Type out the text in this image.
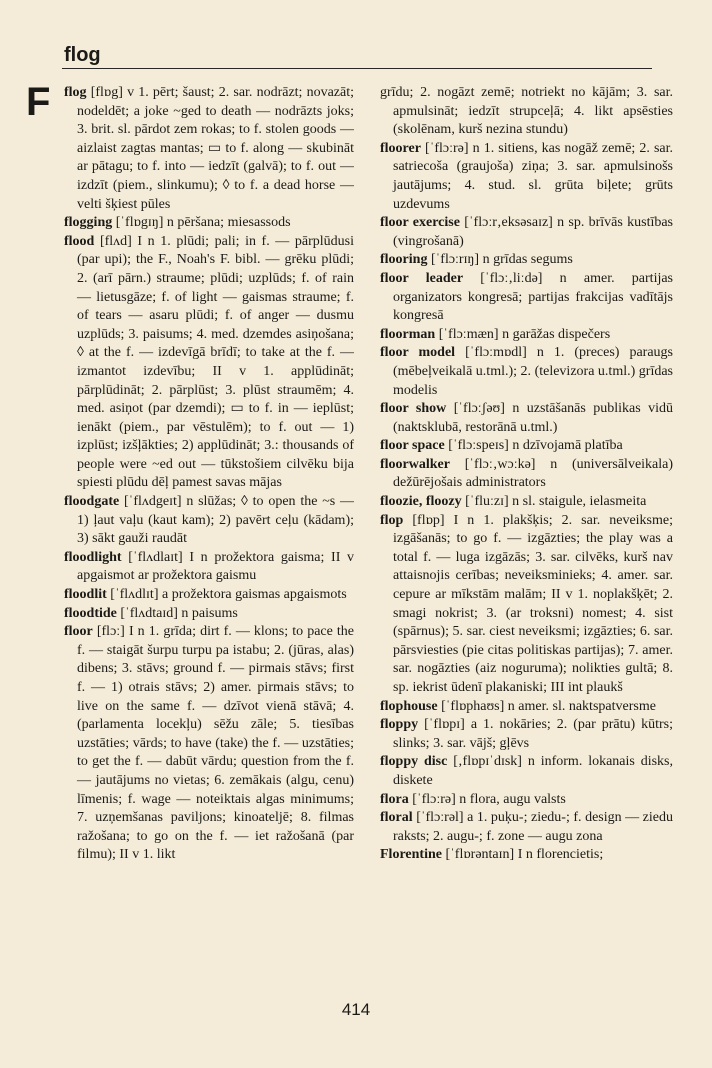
flog
F flog [flɒg] v 1. pērt; šaust; 2. sar. nodrāzt; novazāt; nodeldēt; a joke ~ged to death — nodrāzts joks; 3. brit. sl. pārdot zem rokas; to f. stolen goods — aizlaist zagtas mantas; ▭ to f. along — skubināt ar pātagu; to f. into — iedzīt (galvā); to f. out — izdzīt (piem., slinkumu); ◊ to f. a dead horse — velti šķiest pūles

flogging [ˈflɒgɪŋ] n pēršana; miesassods

flood [flʌd] I n 1. plūdi; pali; in f. — pārplūdusi (par upi); the F., Noah's F. bibl. — grēku plūdi; 2. (arī pārn.) straume; plūdi; uzplūds; f. of rain — lietusgāze; f. of light — gaismas straume; f. of tears — asaru plūdi; f. of anger — dusmu uzplūds; 3. paisums; 4. med. dzemdes asiņošana; ◊ at the f. — izdevīgā brīdī; to take at the f. — izmantot izdevību; II v 1. applūdināt; pārplūdināt; 2. pārplūst; 3. plūst straumēm; 4. med. asiņot (par dzemdi); ▭ to f. in — ieplūst; ienākt (piem., par vēstulēm); to f. out — 1) izplūst; izšļākties; 2) applūdināt; 3.: thousands of people were ~ed out — tūkstošiem cilvēku bija spiesti plūdu dēļ pamest savas mājas

floodgate [ˈflʌdgeɪt] n slūžas; ◊ to open the ~s — 1) ļaut vaļu (kaut kam); 2) pavērt ceļu (kādam); 3) sākt gauži raudāt

floodlight [ˈflʌdlaɪt] I n prožektora gaisma; II v apgaismot ar prožektora gaismu

floodlit [ˈflʌdlɪt] a prožektora gaismas apgaismots

floodtide [ˈflʌdtaɪd] n paisums

floor [flɔː] I n 1. grīda; dirt f. — klons; to pace the f. — staigāt šurpu turpu pa istabu; 2. (jūras, alas) dibens; 3. stāvs; ground f. — pirmais stāvs; first f. — 1) otrais stāvs; 2) amer. pirmais stāvs; to live on the same f. — dzīvot vienā stāvā; 4. (parlamenta locekļu) sēžu zāle; 5. tiesības uzstāties; vārds; to have (take) the f. — uzstāties; to get the f. — dabūt vārdu; question from the f. — jautājums no vietas; 6. zemākais (algu, cenu) līmenis; f. wage — noteiktais algas minimums; 7. uzņemšanas paviljons; kinoateljē; 8. filmas ražošana; to go on the f. — iet ražošanā (par filmu); II v 1. likt

grīdu; 2. nogāzt zemē; notriekt no kājām; 3. sar. apmulsināt; iedzīt strupceļā; 4. likt apsēsties (skolēnam, kurš nezina stundu)

floorer [ˈflɔːrə] n 1. sitiens, kas nogāž zemē; 2. sar. satriecoša (graujoša) ziņa; 3. sar. apmulsinošs jautājums; 4. stud. sl. grūta biļete; grūts uzdevums

floor exercise [ˈflɔːr‚eksəsaɪz] n sp. brīvās kustības (vingrošanā)

flooring [ˈflɔːrɪŋ] n grīdas segums

floor leader [ˈflɔː‚liːdə] n amer. partijas organizators kongresā; partijas frakcijas vadītājs kongresā

floorman [ˈflɔːmæn] n garāžas dispečers

floor model [ˈflɔːmɒdl] n 1. (preces) paraugs (mēbeļveikalā u.tml.); 2. (televizora u.tml.) grīdas modelis

floor show [ˈflɔːʃəʊ] n uzstāšanās publikas vidū (naktsklubā, restorānā u.tml.)

floor space [ˈflɔːspeɪs] n dzīvojamā platība

floorwalker [ˈflɔː‚wɔːkə] n (universālveikala) dežūrējošais administrators

floozie, floozy [ˈfluːzɪ] n sl. staigule, ielasmeita

flop [flɒp] I n 1. plakšķis; 2. sar. neveiksme; izgāšanās; to go f. — izgāzties; the play was a total f. — luga izgāzās; 3. sar. cilvēks, kurš nav attaisnojis cerības; neveiksminieks; 4. amer. sar. cepure ar mīkstām malām; II v 1. noplakšķēt; 2. smagi nokrist; 3. (ar troksni) nomest; 4. sist (spārnus); 5. sar. ciest neveiksmi; izgāzties; 6. sar. pārsviesties (pie citas politiskas partijas); 7. amer. sar. nogāzties (aiz noguruma); nolikties gultā; 8. sp. iekrist ūdenī plakaniski; III int plaukš

flophouse [ˈflɒphaʊs] n amer. sl. naktspatversme

floppy [ˈflɒpɪ] a 1. nokāries; 2. (par prātu) kūtrs; slinks; 3. sar. vājš; gļēvs

floppy disc [‚flɒpɪˈdɪsk] n inform. lokanais disks, diskete

flora [ˈflɔːrə] n flora, augu valsts

floral [ˈflɔːrəl] a 1. puķu-; ziedu-; f. design — ziedu raksts; 2. augu-; f. zone — augu zona

Florentine [ˈflɒrəntaɪn] I n florencietis;

414
